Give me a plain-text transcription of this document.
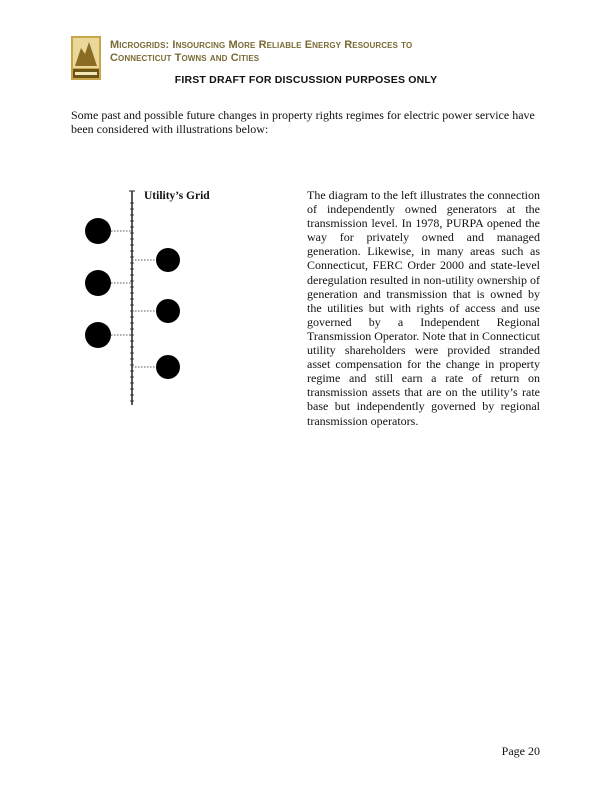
Microgrids: Insourcing More Reliable Energy Resources to
Connecticut Towns and Cities
FIRST DRAFT FOR DISCUSSION PURPOSES ONLY
Some past and possible future changes in property rights regimes for electric power service have been considered with illustrations below:
Utility’s Grid	The diagram to the left illustrates the connection of independently owned generators at the transmission level. In 1978, PURPA opened the way for privately owned and managed generation. Likewise, in many areas such as Connecticut, FERC Order 2000 and state-level deregulation resulted in non-utility ownership of generation and transmission that is owned by the utilities but with rights of access and use governed by a Independent Regional Transmission Operator. Note that in Connecticut utility shareholders were provided stranded asset compensation for the change in property regime and still earn a rate of return on transmission assets that are on the utility’s rate base but independently governed by regional transmission operators.
Page 20
